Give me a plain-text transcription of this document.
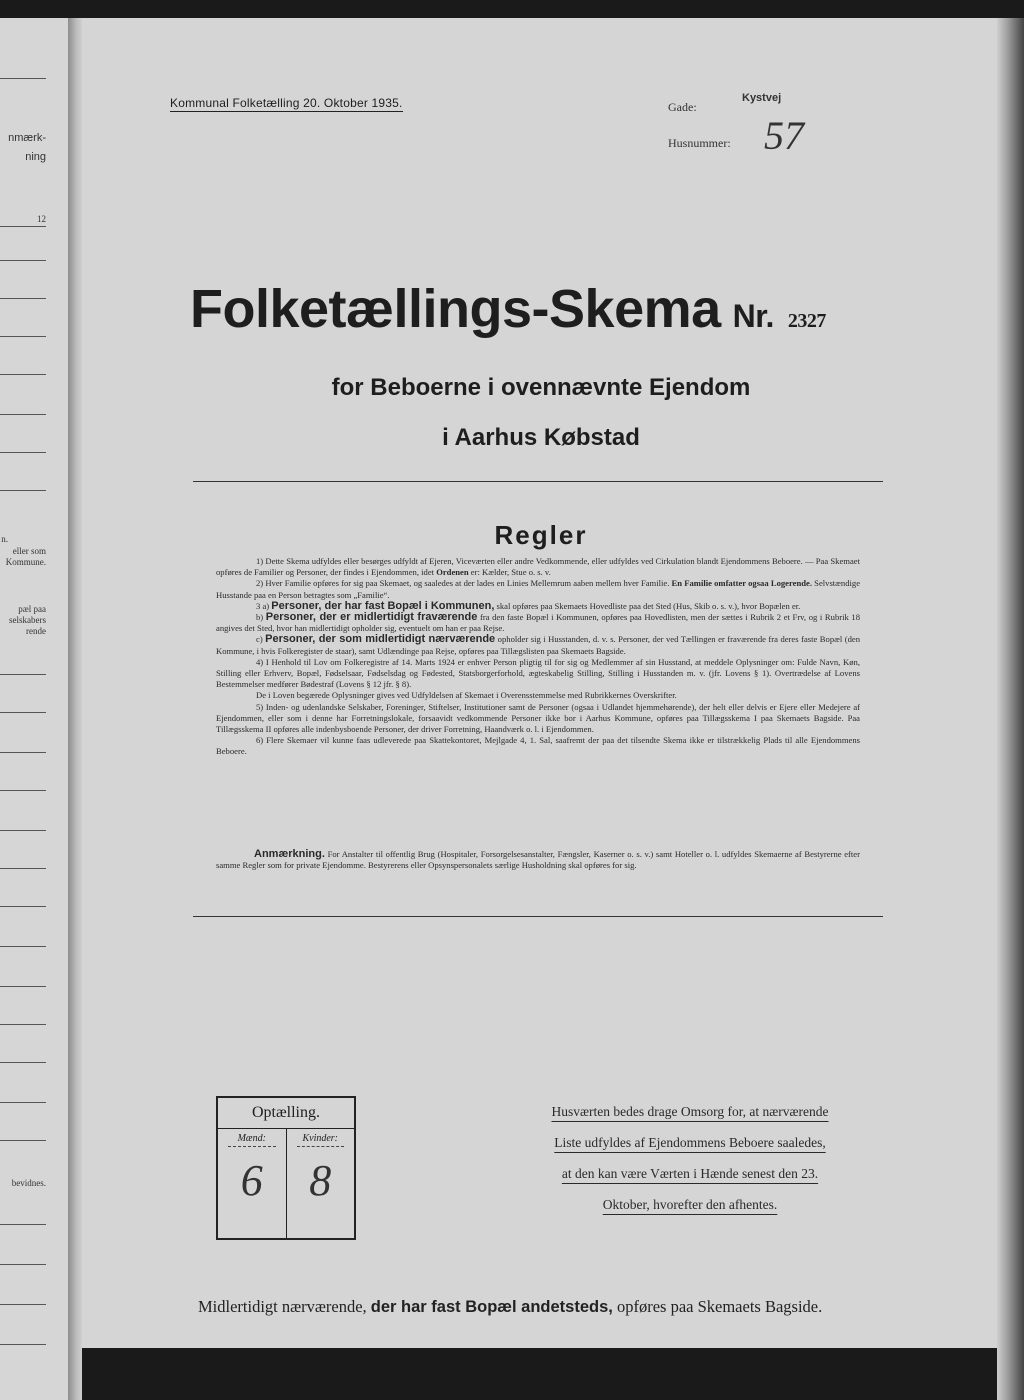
nmærk-
ning
12
n.
eller som
Kommune.
pæl paa
selskabers
rende
bevidnes.
Kommunal Folketælling 20. Oktober 1935.	Gade:
Kystvej
Husnummer: 57
Folketællings-Skema Nr. 2327
for Beboerne i ovennævnte Ejendom
i Aarhus Købstad
Regler

1) Dette Skema udfyldes eller besørges udfyldt af Ejeren, Viceværten eller andre Vedkommende, eller udfyldes ved Cirkulation blandt Ejendommens Beboere. — Paa Skemaet opføres de Familier og Personer, der findes i Ejendommen, idet Ordenen er: Kælder, Stue o. s. v.

2) Hver Familie opføres for sig paa Skemaet, og saaledes at der lades en Linies Mellemrum aaben mellem hver Familie. En Familie omfatter ogsaa Logerende. Selvstændige Husstande paa en Person betragtes som „Familie“.

3 a) Personer, der har fast Bopæl i Kommunen, skal opføres paa Skemaets Hovedliste paa det Sted (Hus, Skib o. s. v.), hvor Bopælen er.

b) Personer, der er midlertidigt fraværende fra den faste Bopæl i Kommunen, opføres paa Hovedlisten, men der sættes i Rubrik 2 et Frv, og i Rubrik 18 angives det Sted, hvor han midlertidigt opholder sig, eventuelt om han er paa Rejse.

c) Personer, der som midlertidigt nærværende opholder sig i Husstanden, d. v. s. Personer, der ved Tællingen er fraværende fra deres faste Bopæl (den Kommune, i hvis Folkeregister de staar), samt Udlændinge paa Rejse, opføres paa Tillægslisten paa Skemaets Bagside.

4) I Henhold til Lov om Folkeregistre af 14. Marts 1924 er enhver Person pligtig til for sig og Medlemmer af sin Husstand, at meddele Oplysninger om: Fulde Navn, Køn, Stilling eller Erhverv, Bopæl, Fødselsaar, Fødselsdag og Fødested, Statsborgerforhold, ægteskabelig Stilling, Stilling i Husstanden m. v. (jfr. Lovens § 1). Overtrædelse af Lovens Bestemmelser medfører Bødestraf (Lovens § 12 jfr. § 8).

De i Loven begærede Oplysninger gives ved Udfyldelsen af Skemaet i Overensstemmelse med Rubrikkernes Overskrifter.

5) Inden- og udenlandske Selskaber, Foreninger, Stiftelser, Institutioner samt de Personer (ogsaa i Udlandet hjemmehørende), der helt eller delvis er Ejere eller Medejere af Ejendommen, eller som i denne har Forretningslokale, forsaavidt vedkommende Personer ikke bor i Aarhus Kommune, opføres paa Tillægsskema I paa Skemaets Bagside. Paa Tillægsskema II opføres alle indenbysboende Personer, der driver Forretning, Haandværk o. l. i Ejendommen.

6) Flere Skemaer vil kunne faas udleverede paa Skattekontoret, Mejlgade 4, 1. Sal, saafremt der paa det tilsendte Skema ikke er tilstrækkelig Plads til alle Ejendommens Beboere.

Anmærkning. For Anstalter til offentlig Brug (Hospitaler, Forsorgelsesanstalter, Fængsler, Kaserner o. s. v.) samt Hoteller o. l. udfyldes Skemaerne af Bestyrerne efter samme Regler som for private Ejendomme. Bestyrerens eller Opsynspersonalets særlige Husholdning skal opføres for sig.
Optælling.
Mænd:
6
Kvinder:
8
Husværten bedes drage Omsorg for, at nærværende
Liste udfyldes af Ejendommens Beboere saaledes,
at den kan være Værten i Hænde senest den 23.
Oktober, hvorefter den afhentes.
Midlertidigt nærværende, der har fast Bopæl andetsteds, opføres paa Skemaets Bagside.
